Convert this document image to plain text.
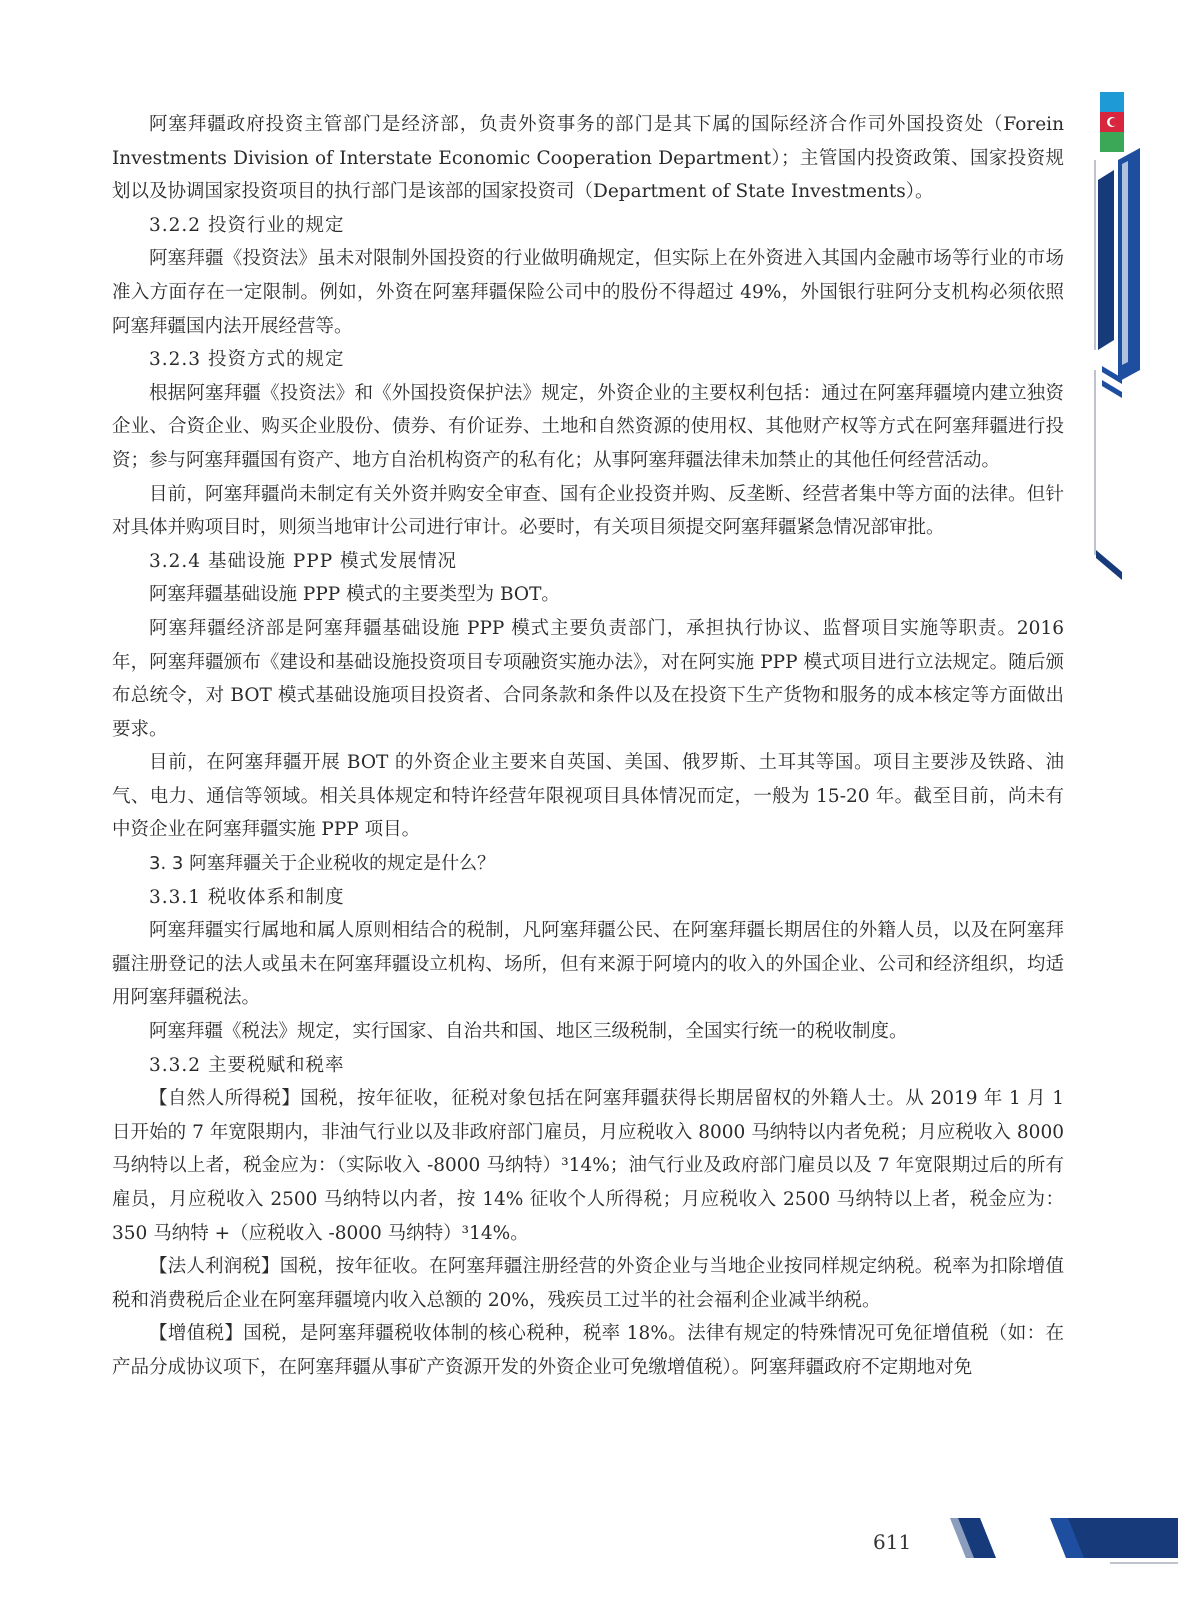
阿塞拜疆政府投资主管部门是经济部，负责外资事务的部门是其下属的国际经济合作司外国投资处（Forein Investments Division of Interstate Economic Cooperation Department）；主管国内投资政策、国家投资规划以及协调国家投资项目的执行部门是该部的国家投资司（Department of State Investments）。

3.2.2 投资行业的规定

阿塞拜疆《投资法》虽未对限制外国投资的行业做明确规定，但实际上在外资进入其国内金融市场等行业的市场准入方面存在一定限制。例如，外资在阿塞拜疆保险公司中的股份不得超过 49%，外国银行驻阿分支机构必须依照阿塞拜疆国内法开展经营等。

3.2.3 投资方式的规定

根据阿塞拜疆《投资法》和《外国投资保护法》规定，外资企业的主要权利包括：通过在阿塞拜疆境内建立独资企业、合资企业、购买企业股份、债券、有价证券、土地和自然资源的使用权、其他财产权等方式在阿塞拜疆进行投资；参与阿塞拜疆国有资产、地方自治机构资产的私有化；从事阿塞拜疆法律未加禁止的其他任何经营活动。

目前，阿塞拜疆尚未制定有关外资并购安全审查、国有企业投资并购、反垄断、经营者集中等方面的法律。但针对具体并购项目时，则须当地审计公司进行审计。必要时，有关项目须提交阿塞拜疆紧急情况部审批。

3.2.4 基础设施 PPP 模式发展情况

阿塞拜疆基础设施 PPP 模式的主要类型为 BOT。

阿塞拜疆经济部是阿塞拜疆基础设施 PPP 模式主要负责部门，承担执行协议、监督项目实施等职责。2016 年，阿塞拜疆颁布《建设和基础设施投资项目专项融资实施办法》，对在阿实施 PPP 模式项目进行立法规定。随后颁布总统令，对 BOT 模式基础设施项目投资者、合同条款和条件以及在投资下生产货物和服务的成本核定等方面做出要求。

目前，在阿塞拜疆开展 BOT 的外资企业主要来自英国、美国、俄罗斯、土耳其等国。项目主要涉及铁路、油气、电力、通信等领域。相关具体规定和特许经营年限视项目具体情况而定，一般为 15-20 年。截至目前，尚未有中资企业在阿塞拜疆实施 PPP 项目。

3. 3 阿塞拜疆关于企业税收的规定是什么？
3.3.1 税收体系和制度

阿塞拜疆实行属地和属人原则相结合的税制，凡阿塞拜疆公民、在阿塞拜疆长期居住的外籍人员，以及在阿塞拜疆注册登记的法人或虽未在阿塞拜疆设立机构、场所，但有来源于阿境内的收入的外国企业、公司和经济组织，均适用阿塞拜疆税法。

阿塞拜疆《税法》规定，实行国家、自治共和国、地区三级税制，全国实行统一的税收制度。

3.3.2 主要税赋和税率

【自然人所得税】国税，按年征收，征税对象包括在阿塞拜疆获得长期居留权的外籍人士。从 2019 年 1 月 1 日开始的 7 年宽限期内，非油气行业以及非政府部门雇员，月应税收入 8000 马纳特以内者免税；月应税收入 8000 马纳特以上者，税金应为：（实际收入 -8000 马纳特）³14%；油气行业及政府部门雇员以及 7 年宽限期过后的所有雇员，月应税收入 2500 马纳特以内者，按 14% 征收个人所得税；月应税收入 2500 马纳特以上者，税金应为：350 马纳特 +（应税收入 -8000 马纳特）³14%。

【法人利润税】国税，按年征收。在阿塞拜疆注册经营的外资企业与当地企业按同样规定纳税。税率为扣除增值税和消费税后企业在阿塞拜疆境内收入总额的 20%，残疾员工过半的社会福利企业减半纳税。

【增值税】国税，是阿塞拜疆税收体制的核心税种，税率 18%。法律有规定的特殊情况可免征增值税（如：在产品分成协议项下，在阿塞拜疆从事矿产资源开发的外资企业可免缴增值税）。阿塞拜疆政府不定期地对免

611
